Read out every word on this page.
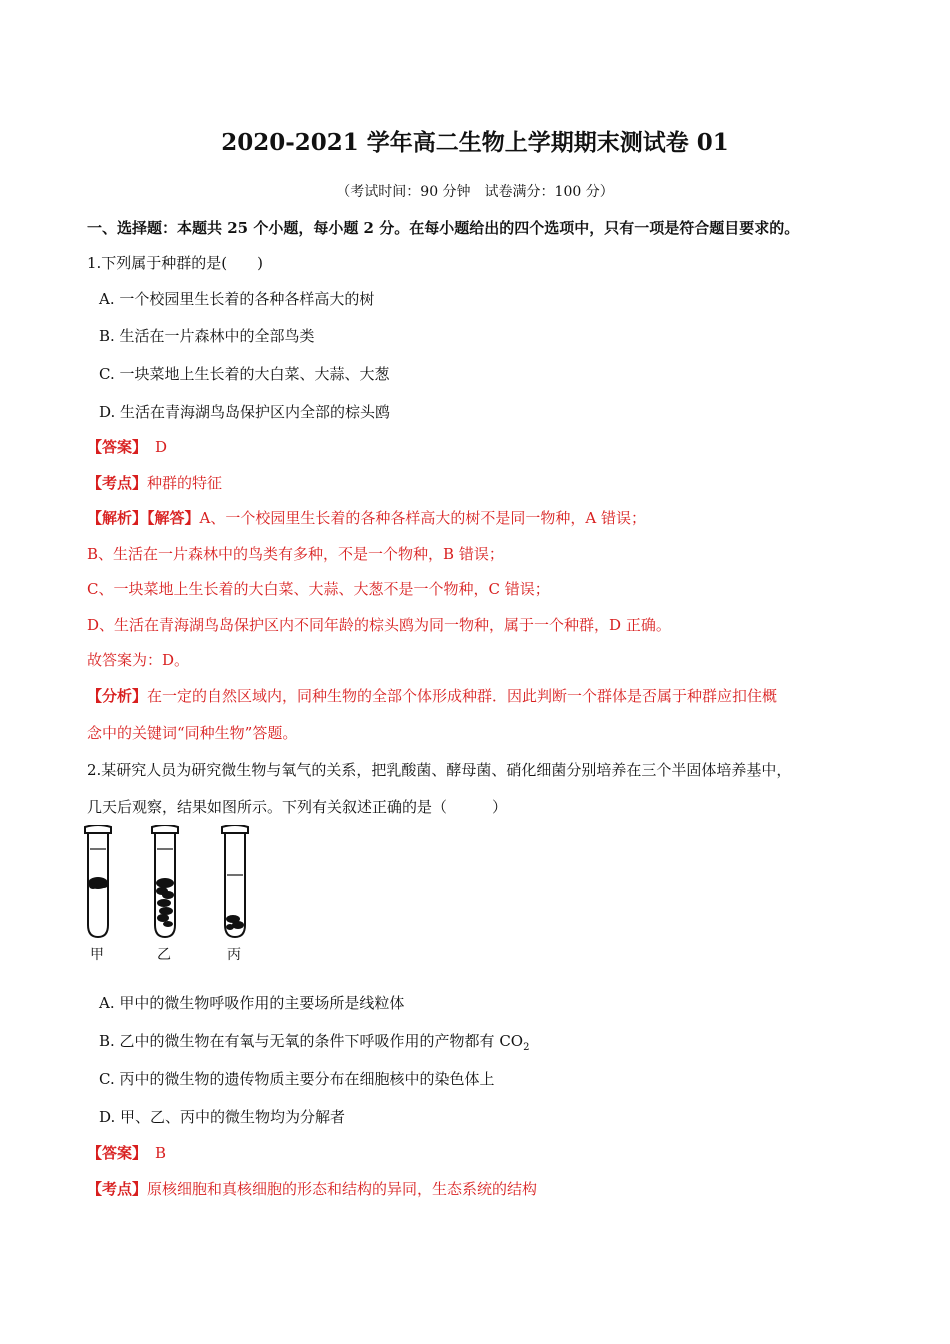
2020-2021 学年高二生物上学期期末测试卷 01
（考试时间：90 分钟　试卷满分：100 分）
一、选择题：本题共 25 个小题，每小题 2 分。在每小题给出的四个选项中，只有一项是符合题目要求的。
1.下列属于种群的是(　　)
A. 一个校园里生长着的各种各样高大的树
B. 生活在一片森林中的全部鸟类
C. 一块菜地上生长着的大白菜、大蒜、大葱
D. 生活在青海湖鸟岛保护区内全部的棕头鸥
【答案】 D
【考点】种群的特征
【解析】【解答】A、一个校园里生长着的各种各样高大的树不是同一物种，A 错误；
B、生活在一片森林中的鸟类有多种，不是一个物种，B 错误；
C、一块菜地上生长着的大白菜、大蒜、大葱不是一个物种，C 错误；
D、生活在青海湖鸟岛保护区内不同年龄的棕头鸥为同一物种，属于一个种群，D 正确。
故答案为：D。
【分析】在一定的自然区域内，同种生物的全部个体形成种群．因此判断一个群体是否属于种群应扣住概
念中的关键词“同种生物”答题。
2.某研究人员为研究微生物与氧气的关系，把乳酸菌、酵母菌、硝化细菌分别培养在三个半固体培养基中，
几天后观察，结果如图所示。下列有关叙述正确的是（　　　）
甲	乙	丙
A. 甲中的微生物呼吸作用的主要场所是线粒体
B. 乙中的微生物在有氧与无氧的条件下呼吸作用的产物都有 $CO_2$
C. 丙中的微生物的遗传物质主要分布在细胞核中的染色体上
D. 甲、乙、丙中的微生物均为分解者
【答案】 B
【考点】原核细胞和真核细胞的形态和结构的异同，生态系统的结构
